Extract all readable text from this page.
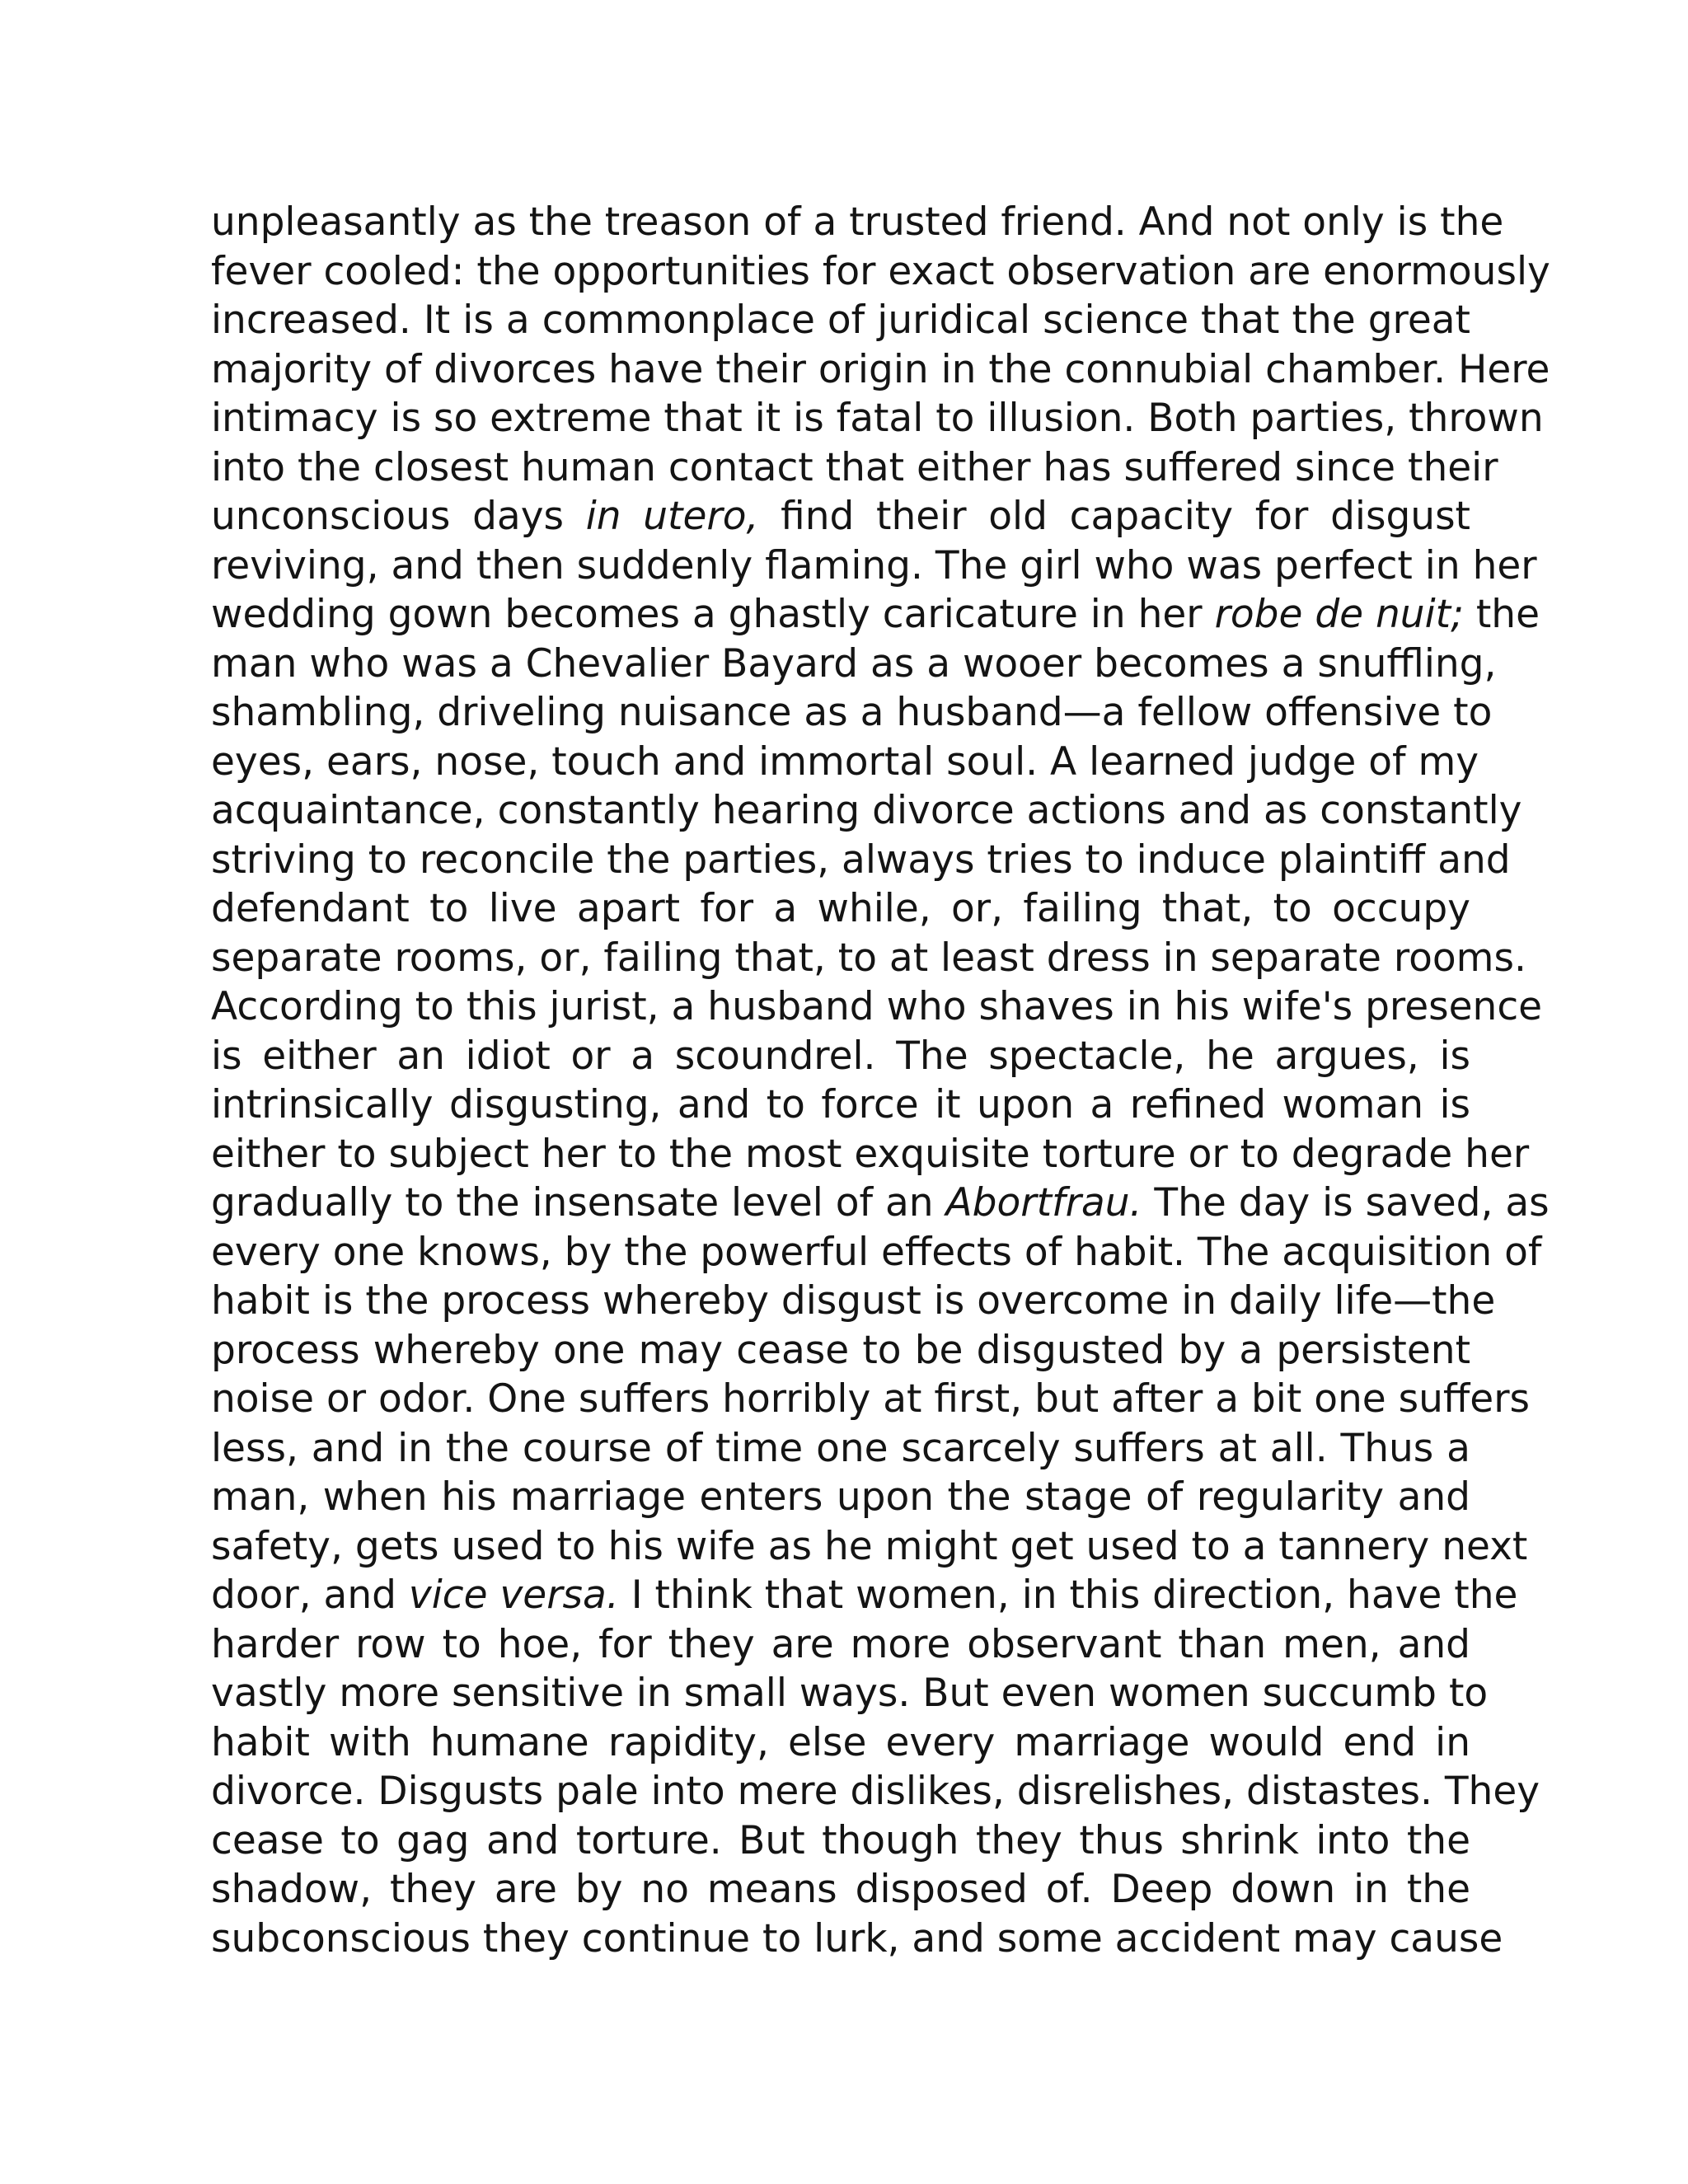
unpleasantly as the treason of a trusted friend. And not only is the
fever cooled: the opportunities for exact observation are enormously
increased. It is a commonplace of juridical science that the great
majority of divorces have their origin in the connubial chamber. Here
intimacy is so extreme that it is fatal to illusion. Both parties, thrown
into the closest human contact that either has suffered since their
unconscious days in utero, find their old capacity for disgust
reviving, and then suddenly flaming. The girl who was perfect in her
wedding gown becomes a ghastly caricature in her robe de nuit; the
man who was a Chevalier Bayard as a wooer becomes a snuffling,
shambling, driveling nuisance as a husband—a fellow offensive to
eyes, ears, nose, touch and immortal soul. A learned judge of my
acquaintance, constantly hearing divorce actions and as constantly
striving to reconcile the parties, always tries to induce plaintiff and
defendant to live apart for a while, or, failing that, to occupy
separate rooms, or, failing that, to at least dress in separate rooms.
According to this jurist, a husband who shaves in his wife's presence
is either an idiot or a scoundrel. The spectacle, he argues, is
intrinsically disgusting, and to force it upon a refined woman is
either to subject her to the most exquisite torture or to degrade her
gradually to the insensate level of an Abortfrau. The day is saved, as
every one knows, by the powerful effects of habit. The acquisition of
habit is the process whereby disgust is overcome in daily life—the
process whereby one may cease to be disgusted by a persistent
noise or odor. One suffers horribly at first, but after a bit one suffers
less, and in the course of time one scarcely suffers at all. Thus a
man, when his marriage enters upon the stage of regularity and
safety, gets used to his wife as he might get used to a tannery next
door, and vice versa. I think that women, in this direction, have the
harder row to hoe, for they are more observant than men, and
vastly more sensitive in small ways. But even women succumb to
habit with humane rapidity, else every marriage would end in
divorce. Disgusts pale into mere dislikes, disrelishes, distastes. They
cease to gag and torture. But though they thus shrink into the
shadow, they are by no means disposed of. Deep down in the
subconscious they continue to lurk, and some accident may cause
